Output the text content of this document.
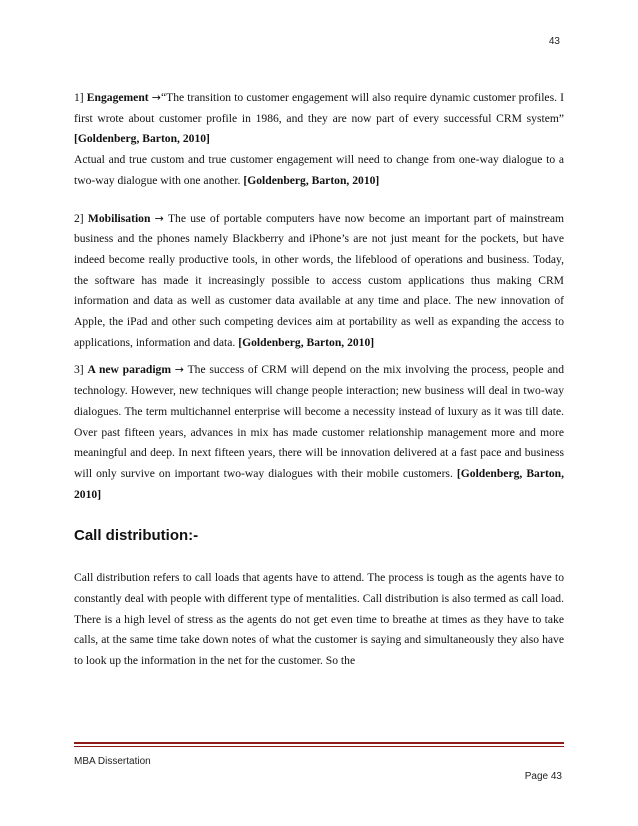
43

1] Engagement →“The transition to customer engagement will also require dynamic customer profiles. I first wrote about customer profile in 1986, and they are now part of every successful CRM system” [Goldenberg, Barton, 2010]

Actual and true custom and true customer engagement will need to change from one-way dialogue to a two-way dialogue with one another. [Goldenberg, Barton, 2010]

2] Mobilisation → The use of portable computers have now become an important part of mainstream business and the phones namely Blackberry and iPhone’s are not just meant for the pockets, but have indeed become really productive tools, in other words, the lifeblood of operations and business. Today, the software has made it increasingly possible to access custom applications thus making CRM information and data as well as customer data available at any time and place. The new innovation of Apple, the iPad and other such competing devices aim at portability as well as expanding the access to applications, information and data. [Goldenberg, Barton, 2010]

3] A new paradigm → The success of CRM will depend on the mix involving the process, people and technology. However, new techniques will change people interaction; new business will deal in two-way dialogues. The term multichannel enterprise will become a necessity instead of luxury as it was till date. Over past fifteen years, advances in mix has made customer relationship management more and more meaningful and deep. In next fifteen years, there will be innovation delivered at a fast pace and business will only survive on important two-way dialogues with their mobile customers. [Goldenberg, Barton, 2010]

Call distribution:-

Call distribution refers to call loads that agents have to attend. The process is tough as the agents have to constantly deal with people with different type of mentalities. Call distribution is also termed as call load. There is a high level of stress as the agents do not get even time to breathe at times as they have to take calls, at the same time take down notes of what the customer is saying and simultaneously they also have to look up the information in the net for the customer. So the

MBA Dissertation
Page 43
